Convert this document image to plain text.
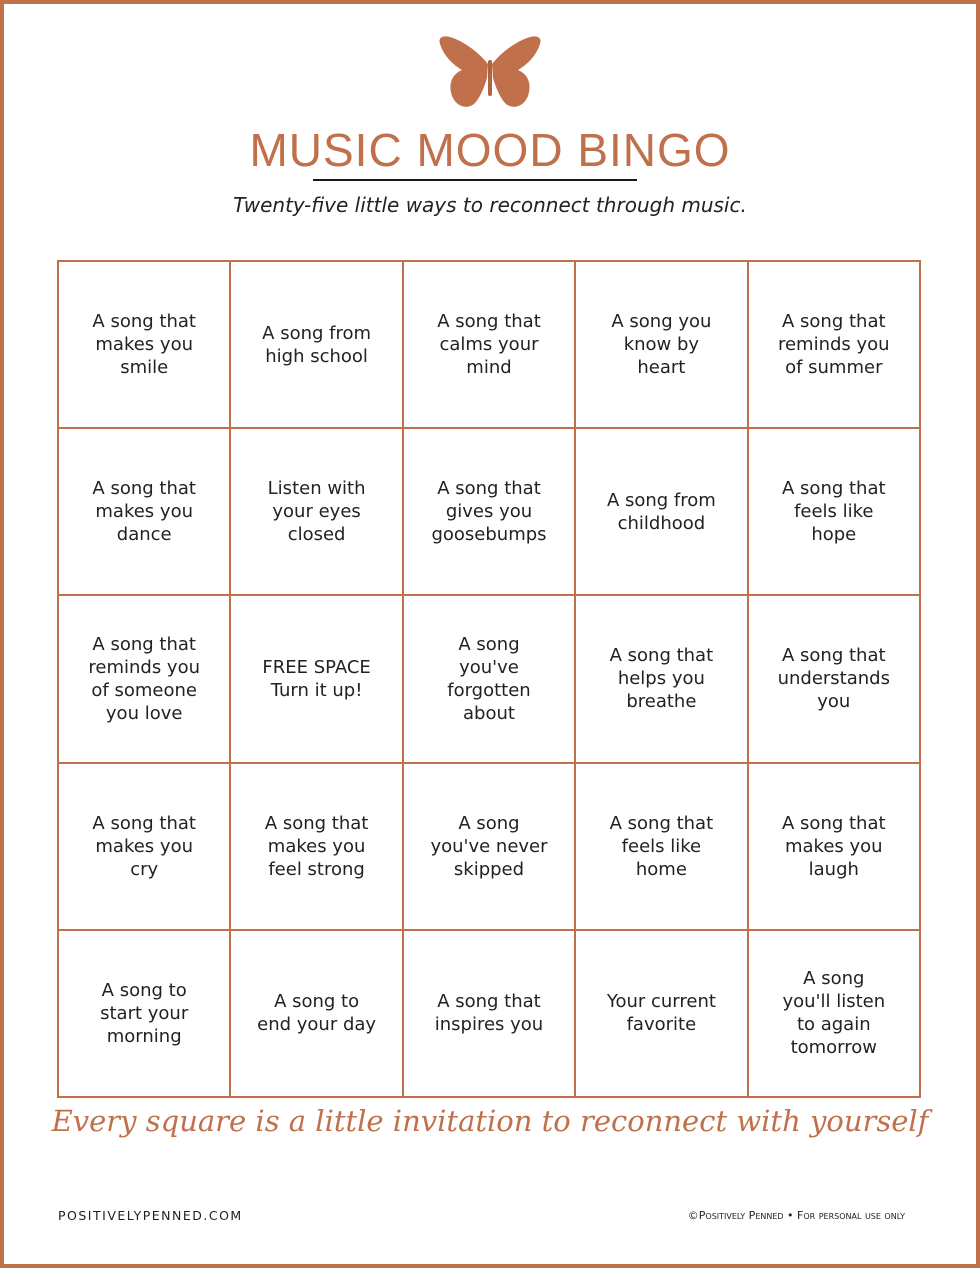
MUSIC MOOD BINGO
Twenty-five little ways to reconnect through music.
A song that
makes you
smile
A song from
high school
A song that
calms your
mind
A song you
know by
heart
A song that
reminds you
of summer
A song that
makes you
dance
Listen with
your eyes
closed
A song that
gives you
goosebumps
A song from
childhood
A song that
feels like
hope
A song that
reminds you
of someone
you love
FREE SPACE
Turn it up!
A song
you've
forgotten
about
A song that
helps you
breathe
A song that
understands
you
A song that
makes you
cry
A song that
makes you
feel strong
A song
you've never
skipped
A song that
feels like
home
A song that
makes you
laugh
A song to
start your
morning
A song to
end your day
A song that
inspires you
Your current
favorite
A song
you'll listen
to again
tomorrow
Every square is a little invitation to reconnect with yourself
POSITIVELYPENNED.COM	©Positively Penned • For personal use only
